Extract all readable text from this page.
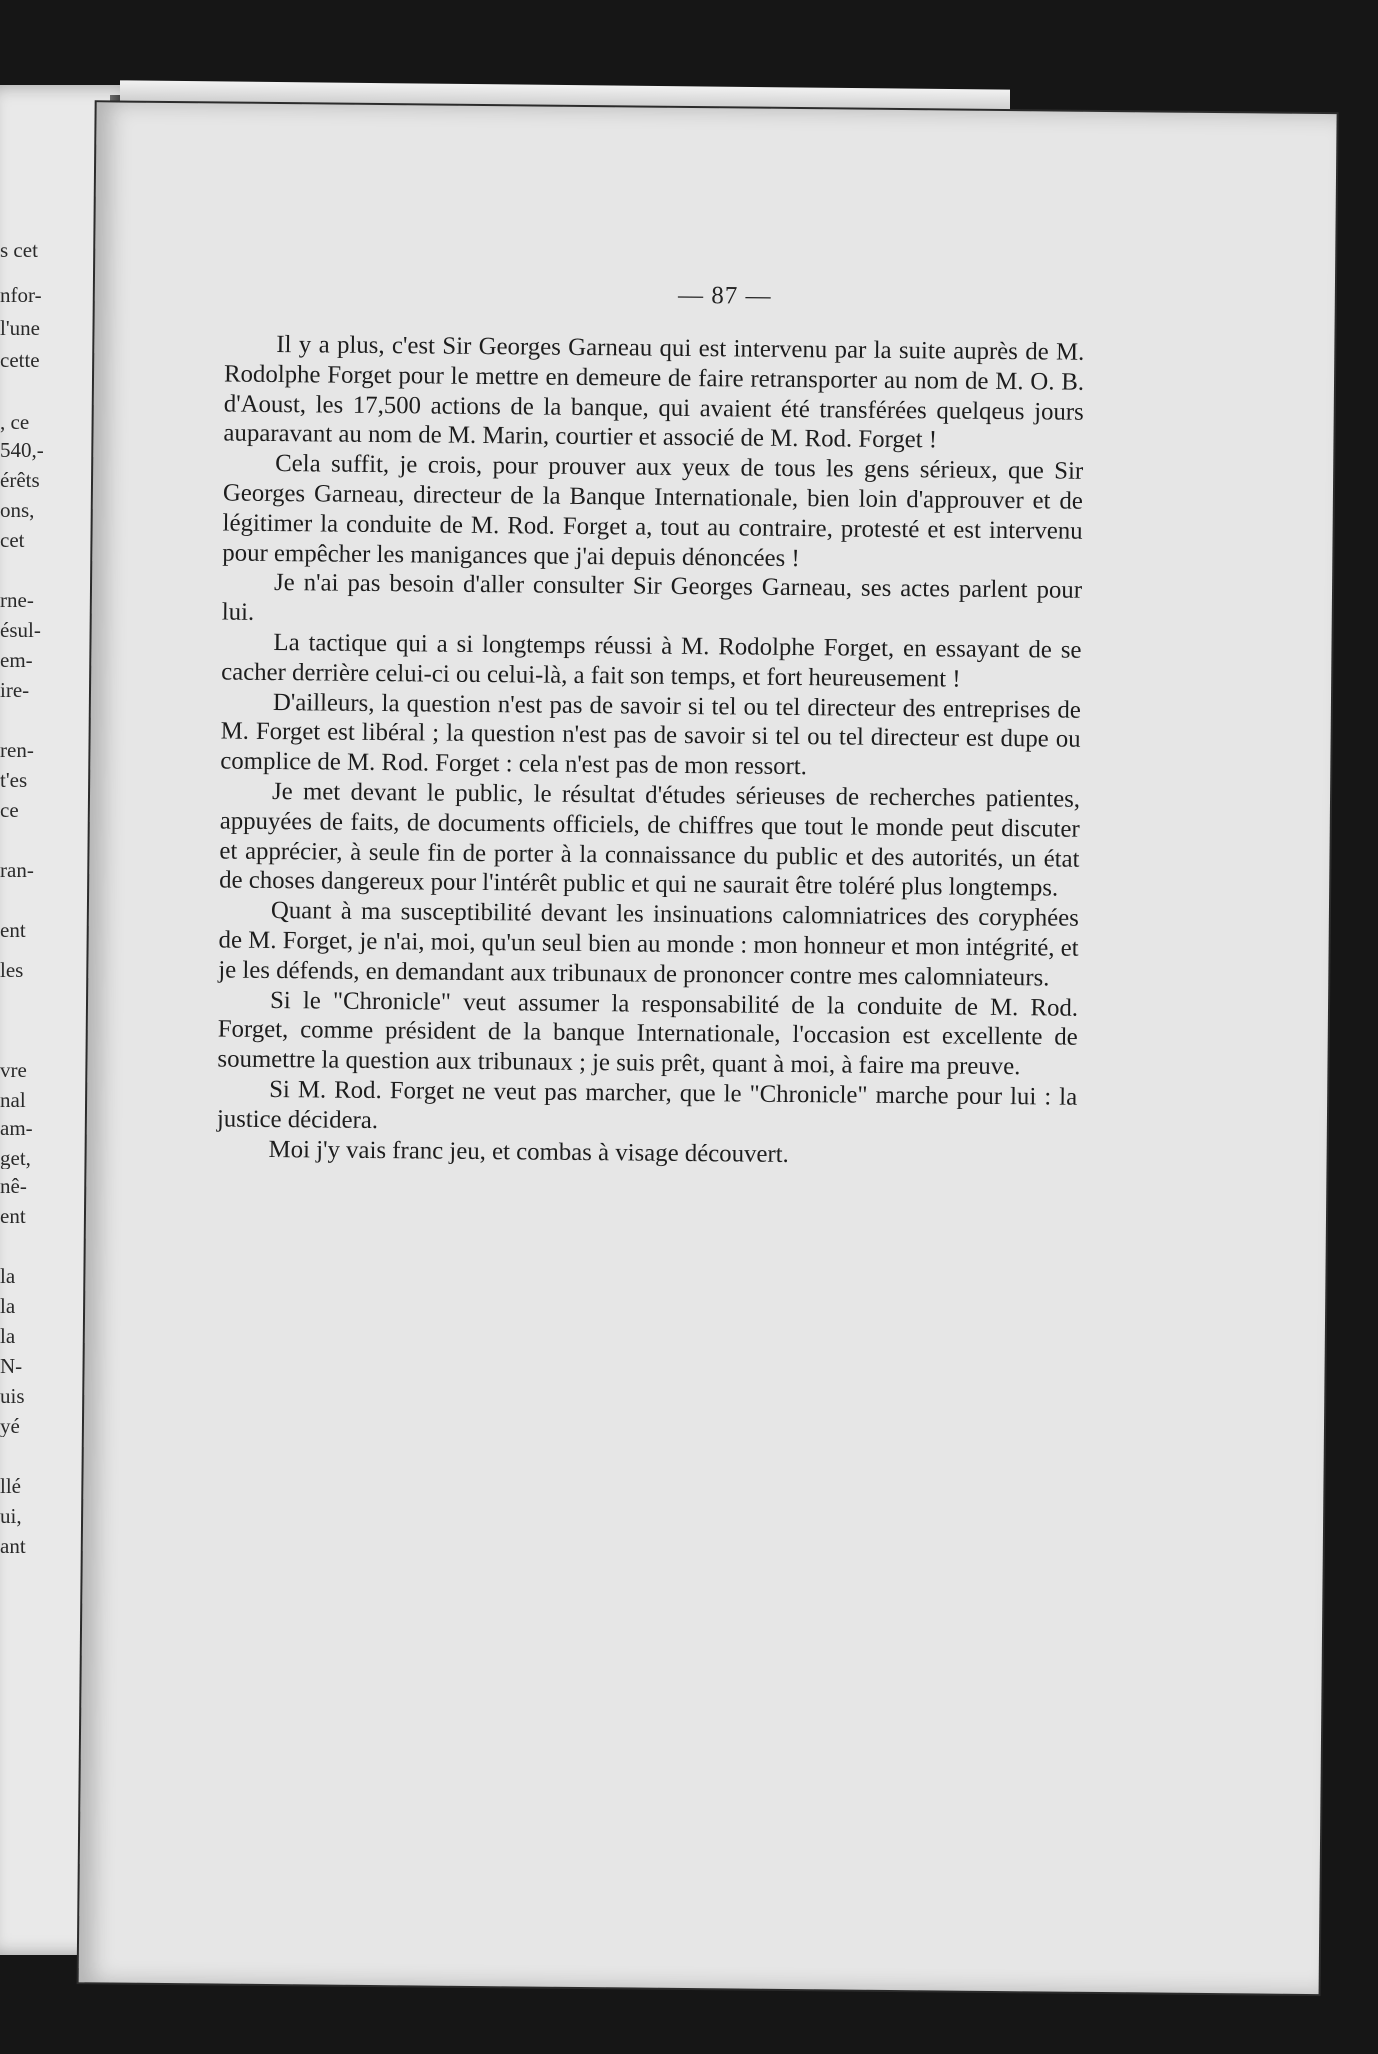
s cet
nfor-
l'une
cette
, ce
540,-
érêts
ons,
cet
rne-
ésul-
em-
ire-
ren-
t'es
ce
ran-
ent
les
vre
nal
am-
get,
nê-
ent
la
la
la
N-
uis
yé
llé
ui,
ant
— 87 —

Il y a plus, c'est Sir Georges Garneau qui est intervenu par la suite auprès de M. Rodolphe Forget pour le mettre en demeure de faire retransporter au nom de M. O. B. d'Aoust, les 17,500 actions de la banque, qui avaient été transférées quelqeus jours auparavant au nom de M. Marin, courtier et associé de M. Rod. Forget !

Cela suffit, je crois, pour prouver aux yeux de tous les gens sérieux, que Sir Georges Garneau, directeur de la Banque Internationale, bien loin d'approuver et de légitimer la conduite de M. Rod. Forget a, tout au contraire, protesté et est intervenu pour empêcher les manigances que j'ai depuis dénoncées !

Je n'ai pas besoin d'aller consulter Sir Georges Garneau, ses actes parlent pour lui.

La tactique qui a si longtemps réussi à M. Rodolphe Forget, en essayant de se cacher derrière celui-ci ou celui-là, a fait son temps, et fort heureusement !

D'ailleurs, la question n'est pas de savoir si tel ou tel directeur des entreprises de M. Forget est libéral ; la question n'est pas de savoir si tel ou tel directeur est dupe ou complice de M. Rod. Forget : cela n'est pas de mon ressort.

Je met devant le public, le résultat d'études sérieuses de recherches patientes, appuyées de faits, de documents officiels, de chiffres que tout le monde peut discuter et apprécier, à seule fin de porter à la connaissance du public et des autorités, un état de choses dangereux pour l'intérêt public et qui ne saurait être toléré plus longtemps.

Quant à ma susceptibilité devant les insinuations calomniatrices des coryphées de M. Forget, je n'ai, moi, qu'un seul bien au monde : mon honneur et mon intégrité, et je les défends, en demandant aux tribunaux de prononcer contre mes calomniateurs.

Si le "Chronicle" veut assumer la responsabilité de la conduite de M. Rod. Forget, comme président de la banque Internationale, l'occasion est excellente de soumettre la question aux tribunaux ; je suis prêt, quant à moi, à faire ma preuve.

Si M. Rod. Forget ne veut pas marcher, que le "Chronicle" marche pour lui : la justice décidera.

Moi j'y vais franc jeu, et combas à visage découvert.
